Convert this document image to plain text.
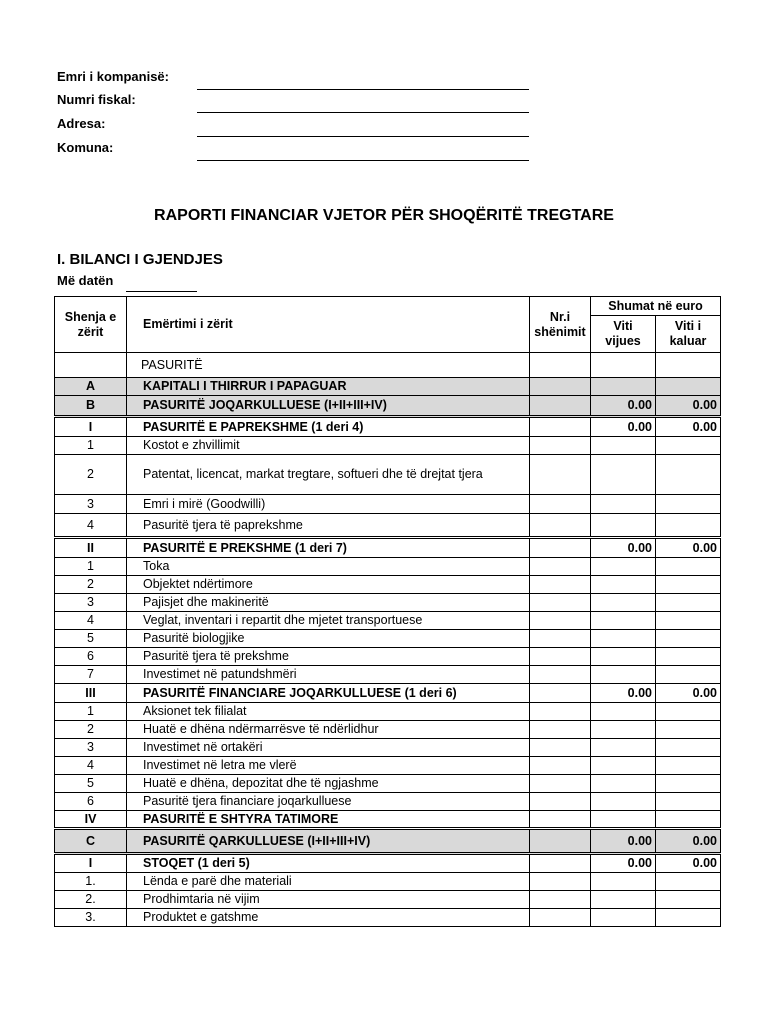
Emri i kompanisë:
Numri fiskal:
Adresa:
Komuna:
RAPORTI FINANCIAR VJETOR PËR SHOQËRITË TREGTARE
I. BILANCI I GJENDJES
Më datën
Shenja e zërit	Emërtimi i zërit	Nr.i shënimit	Shumat në euro	
			Viti vijues	Viti i kaluar
	PASURITË			
A	KAPITALI I THIRRUR I PAPAGUAR			
B	PASURITË JOQARKULLUESE (I+II+III+IV)		0.00	0.00
I	PASURITË E PAPREKSHME (1 deri 4)		0.00	0.00
1	Kostot e zhvillimit			
2	Patentat, licencat, markat tregtare, softueri dhe të drejtat tjera			
3	Emri i mirë (Goodwilli)			
4	Pasuritë tjera të paprekshme			
II	PASURITË E PREKSHME (1 deri 7)		0.00	0.00
1	Toka			
2	Objektet ndërtimore			
3	Pajisjet dhe makineritë			
4	Veglat, inventari i repartit dhe mjetet transportuese			
5	Pasuritë biologjike			
6	Pasuritë tjera të prekshme			
7	Investimet në patundshmëri			
III	PASURITË FINANCIARE JOQARKULLUESE (1 deri 6)		0.00	0.00
1	Aksionet tek filialat			
2	Huatë e dhëna ndërmarrësve të ndërlidhur			
3	Investimet në ortakëri			
4	Investimet në letra me vlerë			
5	Huatë e dhëna, depozitat dhe të ngjashme			
6	Pasuritë tjera financiare joqarkulluese			
IV	PASURITË E SHTYRA TATIMORE			
C	PASURITË QARKULLUESE (I+II+III+IV)		0.00	0.00
I	STOQET (1 deri 5)		0.00	0.00
1.	Lënda e parë dhe materiali			
2.	Prodhimtaria në vijim			
3.	Produktet e gatshme			
